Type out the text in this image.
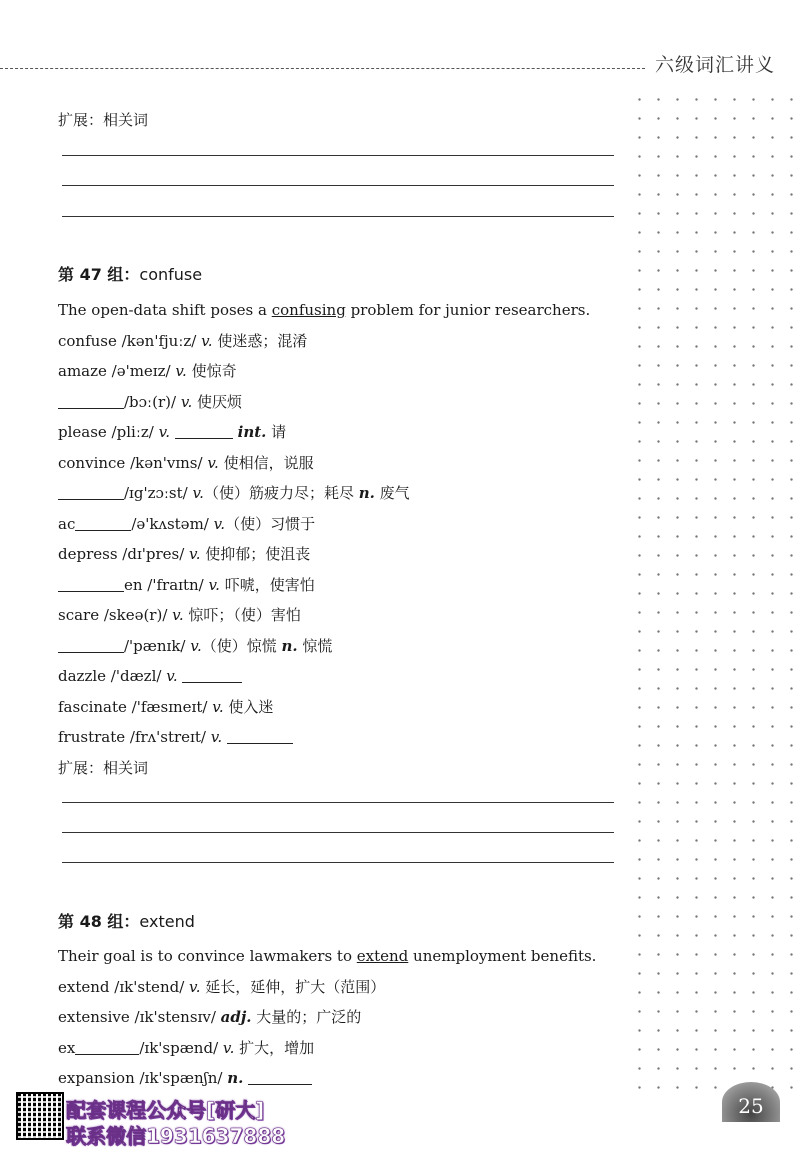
六级词汇讲义
扩展：相关词
第 47 组：confuse
The open-data shift poses a confusing problem for junior researchers.
confuse /kən'fjuːz/ v. 使迷惑；混淆
amaze /ə'meɪz/ v. 使惊奇
/bɔː(r)/ v. 使厌烦
please /pliːz/ v.	int. 请
convince /kən'vɪns/ v. 使相信，说服
/ɪg'zɔːst/ v.（使）筋疲力尽；耗尽 n. 废气
ac	/ə'kʌstəm/ v.（使）习惯于
depress /dɪ'pres/ v. 使抑郁；使沮丧
en /'fraɪtn/ v. 吓唬，使害怕
scare /skeə(r)/ v. 惊吓；（使）害怕
/'pænɪk/ v.（使）惊慌 n. 惊慌
dazzle /'dæzl/ v.
fascinate /'fæsɪneɪt/ v. 使入迷
frustrate /frʌ'streɪt/ v.
扩展：相关词
第 48 组：extend
Their goal is to convince lawmakers to extend unemployment benefits.
extend /ɪk'stend/ v. 延长，延伸，扩大（范围）
extensive /ɪk'stensɪv/ adj. 大量的；广泛的
ex	/ɪk'spænd/ v. 扩大，增加
expansion /ɪk'spænʃn/ n.
配套课程公众号[研大]
联系微信1931637888
25
